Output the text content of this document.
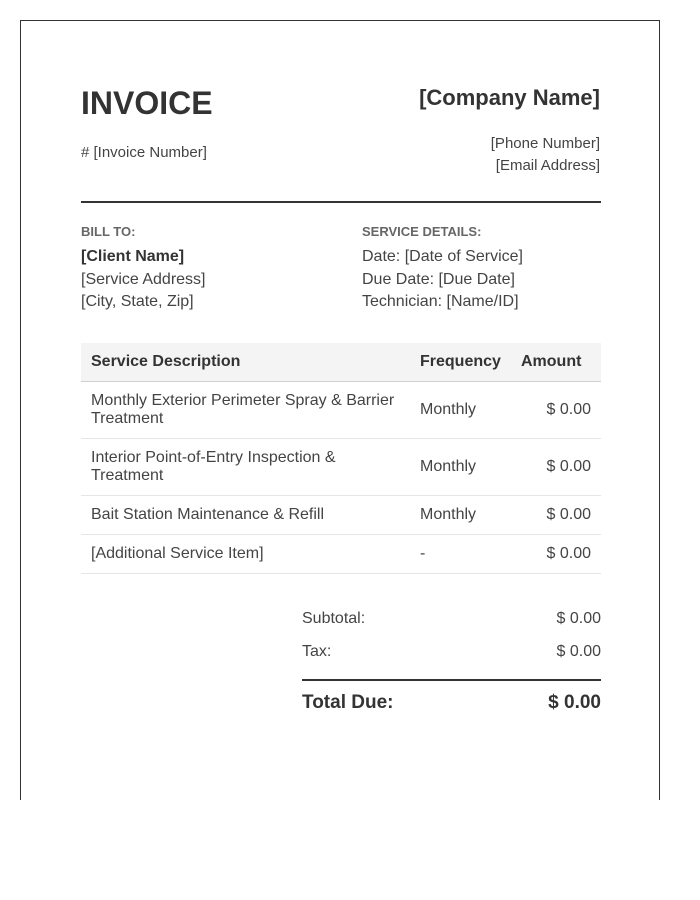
INVOICE	[Company Name]
# [Invoice Number]
[Phone Number]
[Email Address]
BILL TO:
[Client Name]
[Service Address]
[City, State, Zip]
SERVICE DETAILS:
Date: [Date of Service]
Due Date: [Due Date]
Technician: [Name/ID]
Service Description	Frequency	Amount
Monthly Exterior Perimeter Spray & Barrier Treatment	Monthly	$ 0.00
Interior Point-of-Entry Inspection & Treatment	Monthly	$ 0.00
Bait Station Maintenance & Refill	Monthly	$ 0.00
[Additional Service Item]	-	$ 0.00
Subtotal:	$ 0.00
Tax:	$ 0.00
Total Due:	$ 0.00
